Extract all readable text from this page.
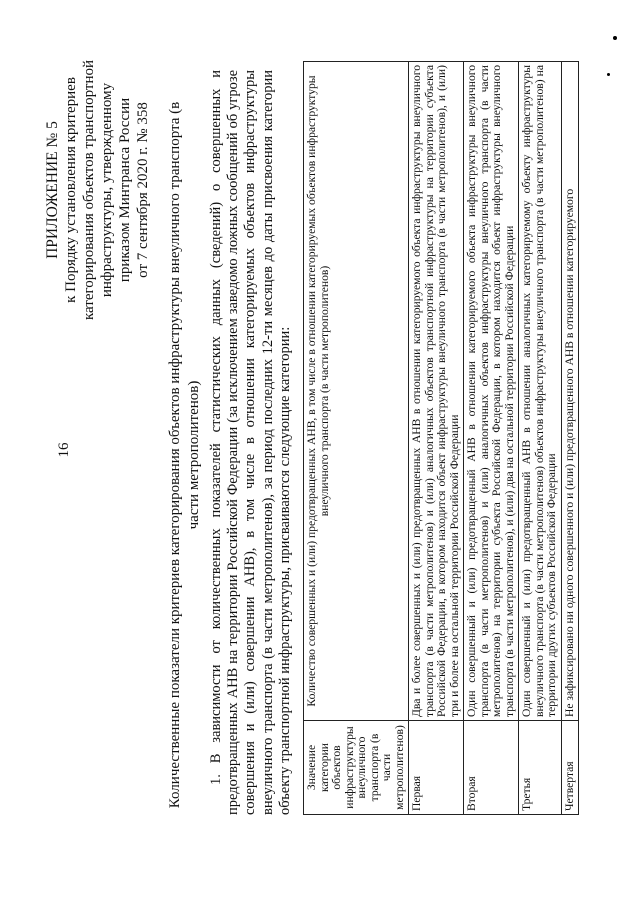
16
ПРИЛОЖЕНИЕ № 5 к Порядку установления критериев категорирования объектов транспортной инфраструктуры, утвержденному приказом Минтранса России от 7 сентября 2020 г. № 358 Количественные показатели критериев категорирования объектов инфраструктуры внеуличного транспорта (в части метрополитенов) 1. В зависимости от количественных показателей статистических данных (сведений) о совершенных и предотвращенных АНВ на территории Российской Федерации (за исключением заведомо ложных сообщений об угрозе совершения и (или) совершении АНВ), в том числе в отношении категорируемых объектов инфраструктуры внеуличного транспорта (в части метрополитенов), за период последних 12-ти месяцев до даты присвоения категории объекту транспортной инфраструктуры, присваиваются следующие категории: Значение категории объектов инфраструктуры внеуличного транспорта (в части метрополитенов)	Количество совершенных и (или) предотвращенных АНВ, в том числе в отношении категорируемых объектов инфраструктуры внеуличного транспорта (в части метрополитенов)
Первая	Два и более совершенных и (или) предотвращенных АНВ в отношении категорируемого объекта инфраструктуры внеуличного транспорта (в части метрополитенов) и (или) аналогичных объектов транспортной инфраструктуры на территории субъекта Российской Федерации, в котором находится объект инфраструктуры внеуличного транспорта (в части метрополитенов), и (или) три и более на остальной территории Российской Федерации
Вторая	Один совершенный и (или) предотвращенный АНВ в отношении категорируемого объекта инфраструктуры внеуличного транспорта (в части метрополитенов) и (или) аналогичных объектов инфраструктуры внеуличного транспорта (в части метрополитенов) на территории субъекта Российской Федерации, в котором находится объект инфраструктуры внеуличного транспорта (в части метрополитенов), и (или) два на остальной территории Российской Федерации
Третья	Один совершенный и (или) предотвращенный АНВ в отношении аналогичных категорируемому объекту инфраструктуры внеуличного транспорта (в части метрополитенов) объектов инфраструктуры внеуличного транспорта (в части метрополитенов) на территории других субъектов Российской Федерации
Четвертая	Не зафиксировано ни одного совершенного и (или) предотвращенного АНВ в отношении категорируемого
